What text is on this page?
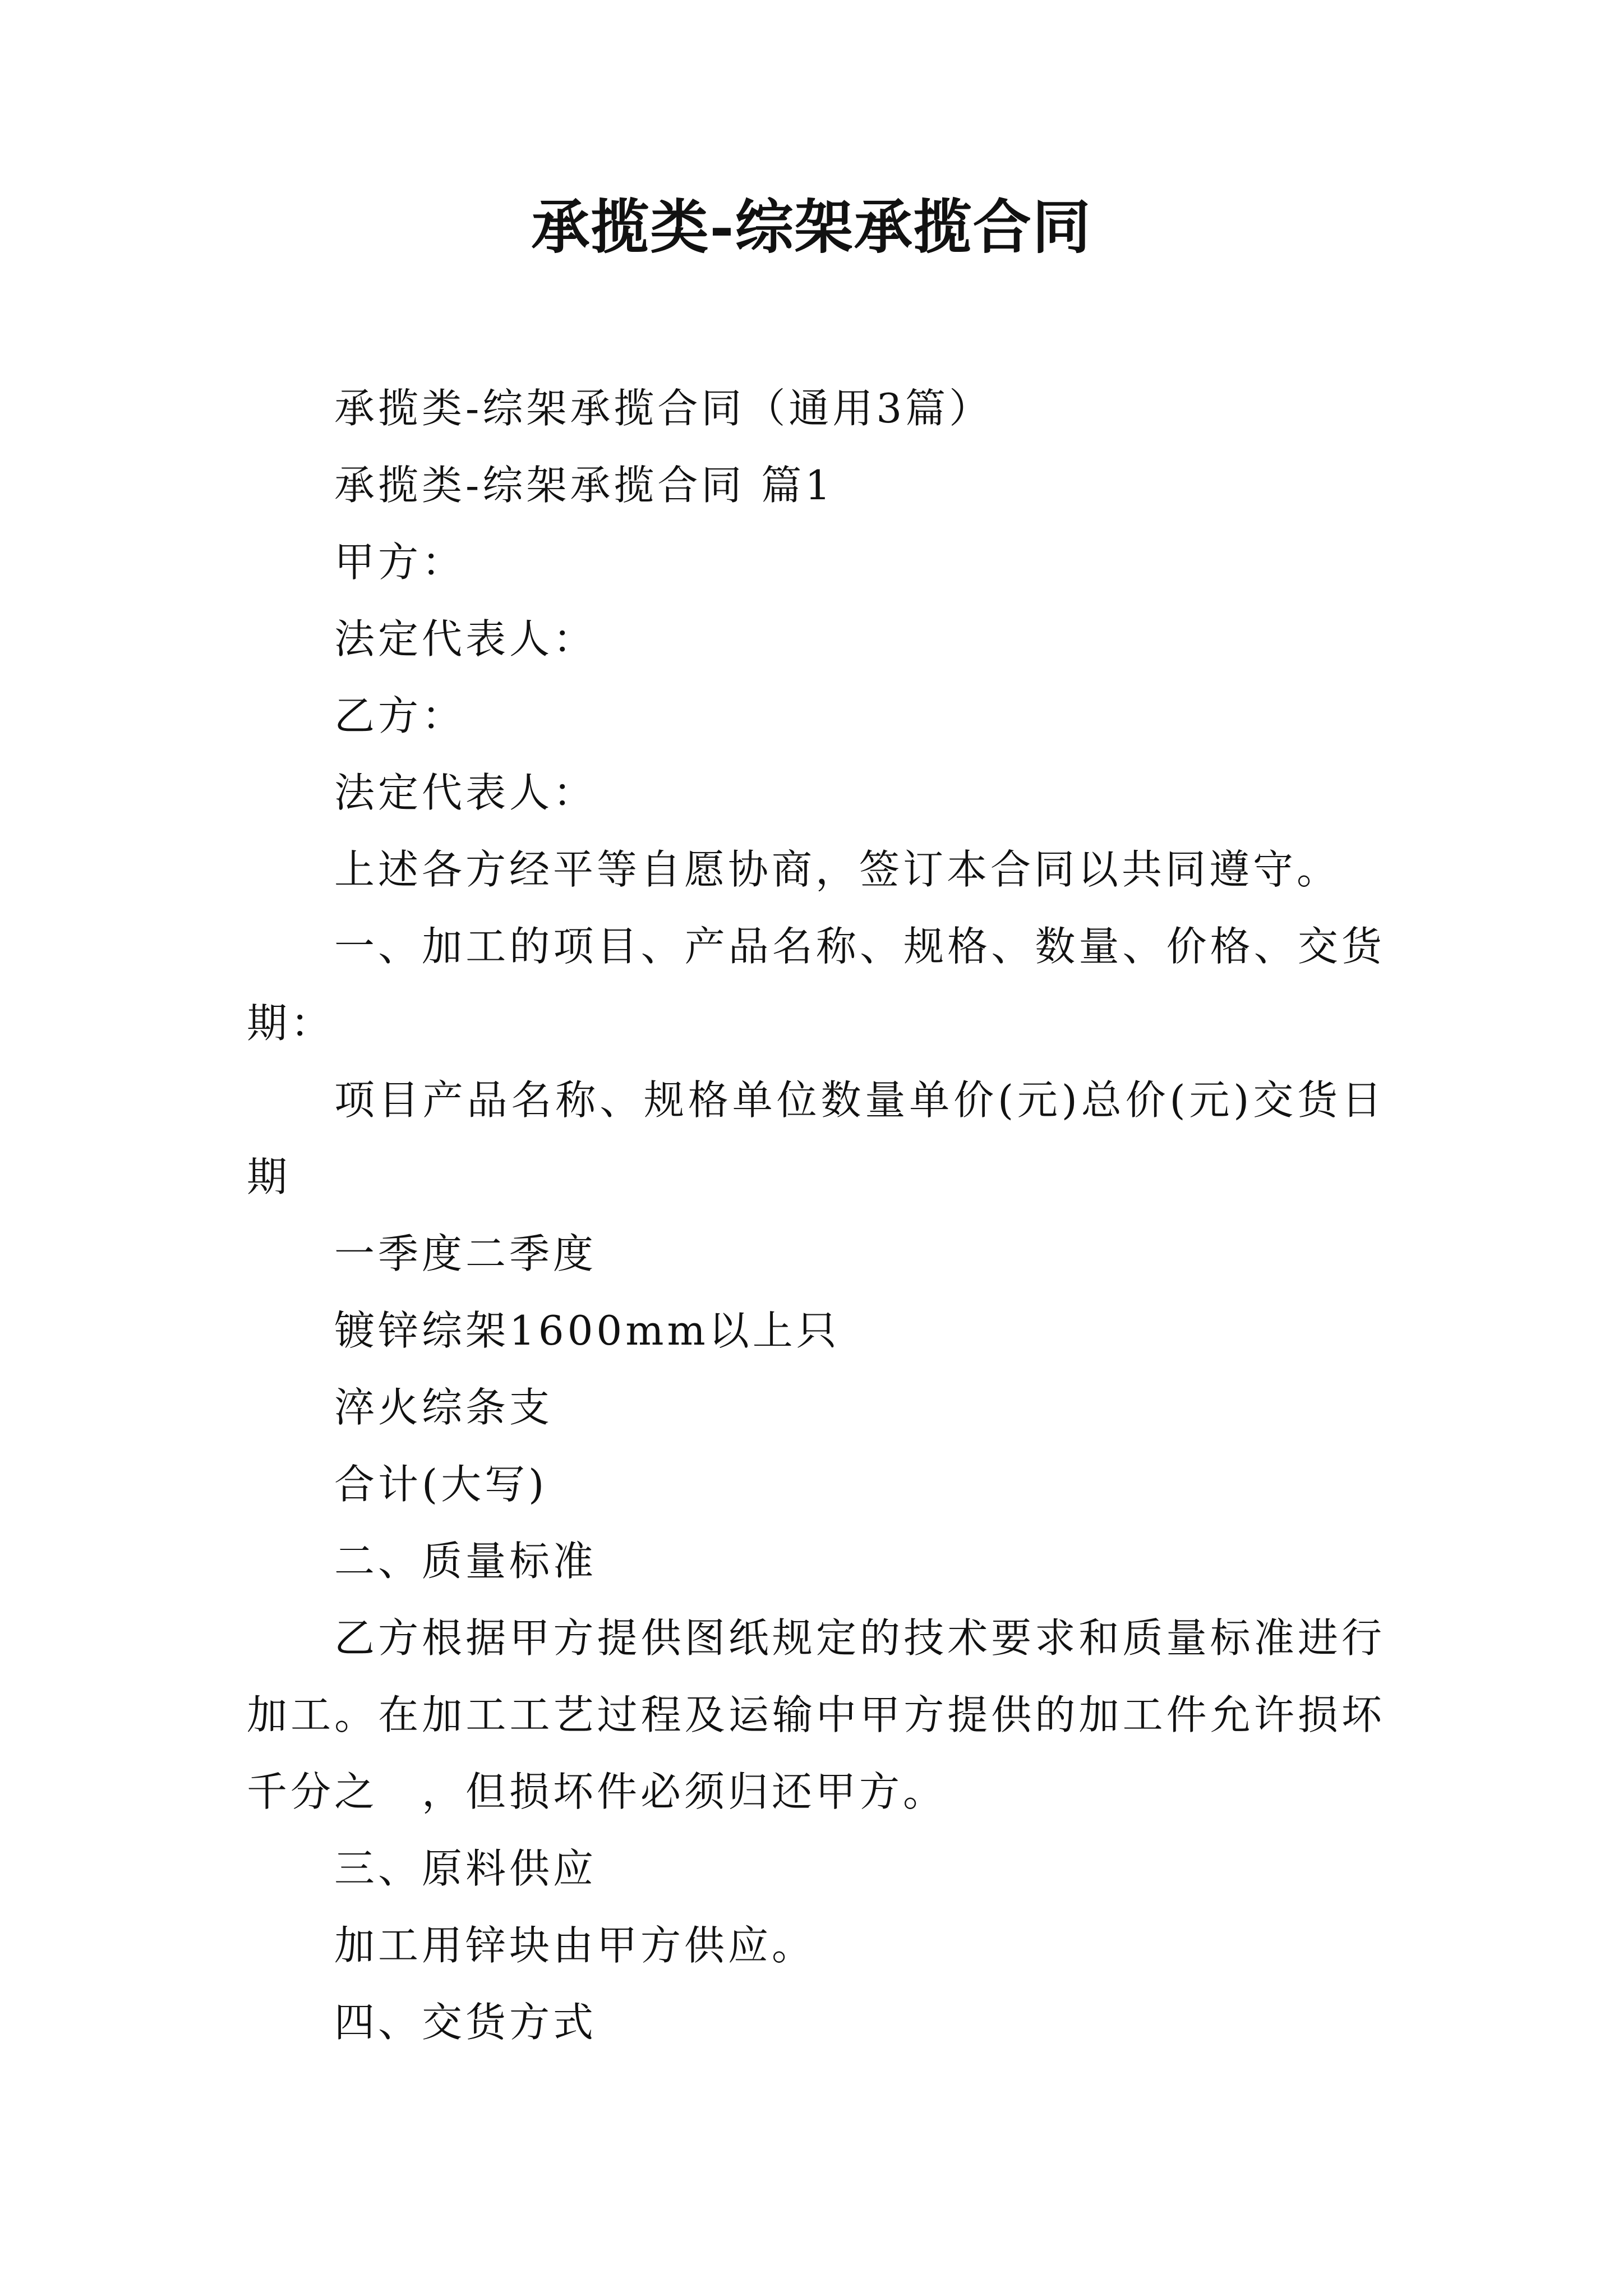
承揽类-综架承揽合同

承揽类-综架承揽合同（通用3篇）

承揽类-综架承揽合同 篇1

甲方：

法定代表人：

乙方：

法定代表人：

上述各方经平等自愿协商，签订本合同以共同遵守。

一、加工的项目、产品名称、规格、数量、价格、交货期：

项目产品名称、规格单位数量单价(元)总价(元)交货日期

一季度二季度

镀锌综架1600mm以上只

淬火综条支

合计(大写)

二、质量标准

乙方根据甲方提供图纸规定的技术要求和质量标准进行加工。在加工工艺过程及运输中甲方提供的加工件允许损坏千分之　，但损坏件必须归还甲方。

三、原料供应

加工用锌块由甲方供应。

四、交货方式
